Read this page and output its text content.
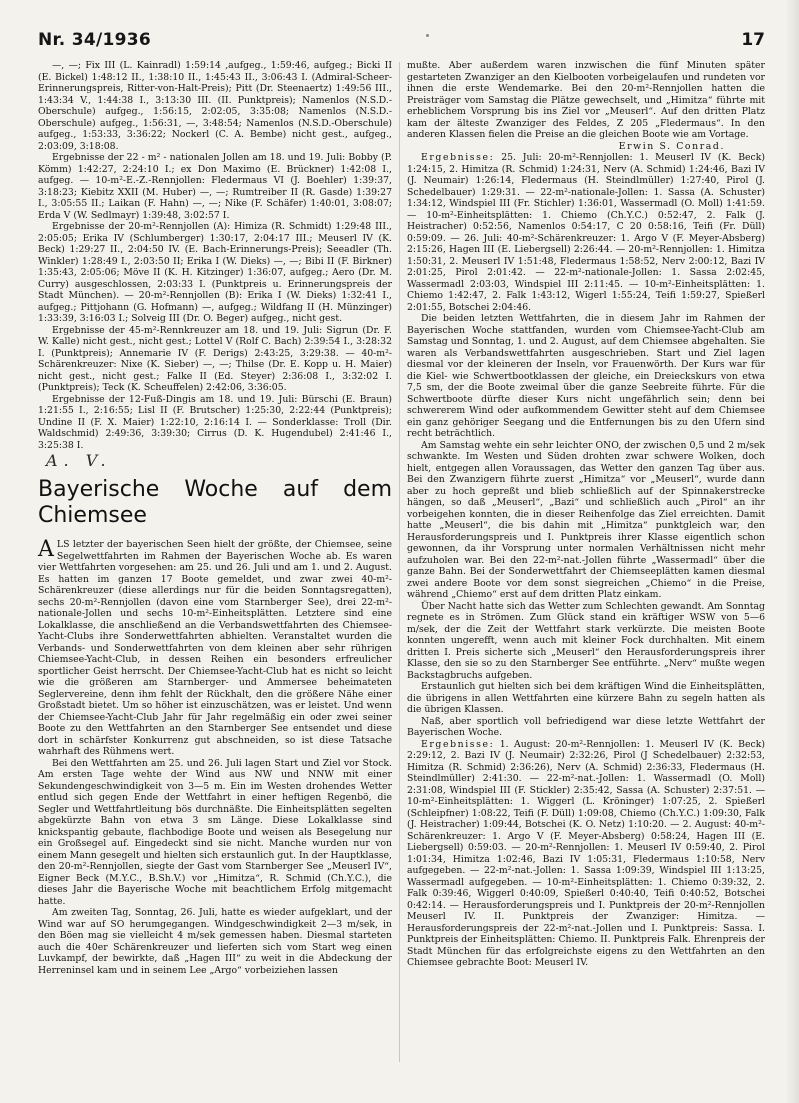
Nr. 34/1936	17

—, —; Fix III (L. Kainradl) 1:59:14 ,aufgeg., 1:59:46, aufgeg.; Bicki II (E. Bickel) 1:48:12 II., 1:38:10 II., 1:45:43 II., 3:06:43 I. (Admiral-Scheer-Erinnerungspreis, Ritter-von-Halt-Preis); Pitt (Dr. Steenaertz) 1:49:56 III., 1:43:34 V., 1:44:38 I., 3:13:30 III. (II. Punktpreis); Namenlos (N.S.D.-Oberschule) aufgeg., 1:56:15, 2:02:05, 3:35:08; Namenlos (N.S.D.-Oberschule) aufgeg., 1:56:31, —, 3:48:54; Namenlos (N.S.D.-Oberschule) aufgeg., 1:53:33, 3:36:22; Nockerl (C. A. Bembe) nicht gest., aufgeg., 2:03:09, 3:18:08.

Ergebnisse der 22 - m² - nationalen Jollen am 18. und 19. Juli: Bobby (P. Kömm) 1:42:27, 2:24:10 I.; ex Don Maximo (E. Brückner) 1:42:08 I., aufgeg. — 10-m²-E.-Z.-Rennjollen: Fledermaus VI (J. Boehler) 1:39:37, 3:18:23; Kiebitz XXII (M. Huber) —, —; Rumtreiber II (R. Gasde) 1:39:27 I., 3:05:55 II.; Laikan (F. Hahn) —, —; Nike (F. Schäfer) 1:40:01, 3:08:07; Erda V (W. Sedlmayr) 1:39:48, 3:02:57 I.

Ergebnisse der 20-m²-Rennjollen (A): Himiza (R. Schmidt) 1:29:48 III., 2:05:05; Erika IV (Schlumberger) 1:30:17, 2:04:17 III.; Meuserl IV (K. Beck) 1:29:27 II., 2:04:50 IV. (E. Bach-Erinnerungs-Preis); Seeadler (Th. Winkler) 1:28:49 I., 2:03:50 II; Erika I (W. Dieks) —, —; Bibi II (F. Birkner) 1:35:43, 2:05:06; Möve II (K. H. Kitzinger) 1:36:07, aufgeg.; Aero (Dr. M. Curry) ausgeschlossen, 2:03:33 I. (Punktpreis u. Erinnerungspreis der Stadt München). — 20-m²-Rennjollen (B): Erika I (W. Dieks) 1:32:41 I., aufgeg.; Pittjohann (G. Hofmann) —, aufgeg.; Wildfang II (H. Münzinger) 1:33:39, 3:16:03 I.; Solveig III (Dr. O. Beger) aufgeg., nicht gest.

Ergebnisse der 45-m²-Rennkreuzer am 18. und 19. Juli: Sigrun (Dr. F. W. Kalle) nicht gest., nicht gest.; Lottel V (Rolf C. Bach) 2:39:54 I., 3:28:32 I. (Punktpreis); Annemarie IV (F. Derigs) 2:43:25, 3:29:38. — 40-m²-Schärenkreuzer: Nixe (K. Sieber) —, —; Thilse (Dr. E. Kopp u. H. Maier) nicht gest., nicht gest.; Falke II (Ed. Steyer) 2:36:08 I., 3:32:02 I. (Punktpreis); Teck (K. Scheuffelen) 2:42:06, 3:36:05.

Ergebnisse der 12-Fuß-Dingis am 18. und 19. Juli: Bürschi (E. Braun) 1:21:55 I., 2:16:55; Lisl II (F. Brutscher) 1:25:30, 2:22:44 (Punktpreis); Undine II (F. X. Maier) 1:22:10, 2:16:14 I. — Sonderklasse: Troll (Dir. Waldschmid) 2:49:36, 3:39:30; Cirrus (D. K. Hugendubel) 2:41:46 I., 3:25:38 I.

A. V.
Bayerische Woche auf dem Chiemsee

ALS letzter der bayerischen Seen hielt der größte, der Chiemsee, seine Segelwettfahrten im Rahmen der Bayerischen Woche ab. Es waren vier Wettfahrten vorgesehen: am 25. und 26. Juli und am 1. und 2. August. Es hatten im ganzen 17 Boote gemeldet, und zwar zwei 40-m²-Schärenkreuzer (diese allerdings nur für die beiden Sonntagsregatten), sechs 20-m²-Rennjollen (davon eine vom Starnberger See), drei 22-m²-nationale-Jollen und sechs 10-m²-Einheitsplätten. Letztere sind eine Lokalklasse, die anschließend an die Verbandswettfahrten des Chiemsee-Yacht-Clubs ihre Sonderwettfahrten abhielten. Veranstaltet wurden die Verbands- und Sonderwettfahrten von dem kleinen aber sehr rührigen Chiemsee-Yacht-Club, in dessen Reihen ein besonders erfreulicher sportlicher Geist herrscht. Der Chiemsee-Yacht-Club hat es nicht so leicht wie die größeren am Starnberger- und Ammersee beheimateten Seglervereine, denn ihm fehlt der Rückhalt, den die größere Nähe einer Großstadt bietet. Um so höher ist einzuschätzen, was er leistet. Und wenn der Chiemsee-Yacht-Club Jahr für Jahr regelmäßig ein oder zwei seiner Boote zu den Wettfahrten an den Starnberger See entsendet und diese dort in schärfster Konkurrenz gut abschneiden, so ist diese Tatsache wahrhaft des Rühmens wert.

Bei den Wettfahrten am 25. und 26. Juli lagen Start und Ziel vor Stock. Am ersten Tage wehte der Wind aus NW und NNW mit einer Sekundengeschwindigkeit von 3—5 m. Ein im Westen drohendes Wetter entlud sich gegen Ende der Wettfahrt in einer heftigen Regenbö, die Segler und Wettfahrtleitung bös durchnäßte. Die Einheitsplätten segelten abgekürzte Bahn von etwa 3 sm Länge. Diese Lokalklasse sind knickspantig gebaute, flachbodige Boote und weisen als Besegelung nur ein Großsegel auf. Eingedeckt sind sie nicht. Manche wurden nur von einem Mann gesegelt und hielten sich erstaunlich gut. In der Hauptklasse, den 20-m²-Rennjollen, siegte der Gast vom Starnberger See „Meuserl IV“, Eigner Beck (M.Y.C., B.Sh.V.) vor „Himitza“, R. Schmid (Ch.Y.C.), die dieses Jahr die Bayerische Woche mit beachtlichem Erfolg mitgemacht hatte.

Am zweiten Tag, Sonntag, 26. Juli, hatte es wieder aufgeklart, und der Wind war auf SO herumgegangen. Windgeschwindigkeit 2—3 m/sek, in den Böen mag sie vielleicht 4 m/sek gemessen haben. Diesmal starteten auch die 40er Schärenkreuzer und lieferten sich vom Start weg einen Luvkampf, der bewirkte, daß „Hagen III“ zu weit in die Abdeckung der Herreninsel kam und in seinem Lee „Argo“ vorbeiziehen lassen

mußte. Aber außerdem waren inzwischen die fünf Minuten später gestarteten Zwanziger an den Kielbooten vorbeigelaufen und rundeten vor ihnen die erste Wendemarke. Bei den 20-m²-Rennjollen hatten die Preisträger vom Samstag die Plätze gewechselt, und „Himitza“ führte mit erheblichem Vorsprung bis ins Ziel vor „Meuserl“. Auf den dritten Platz kam der älteste Zwanziger des Feldes, Z 205 „Fledermaus“. In den anderen Klassen fielen die Preise an die gleichen Boote wie am Vortage.

Erwin S. Conrad.

Ergebnisse: 25. Juli: 20-m²-Rennjollen: 1. Meuserl IV (K. Beck) 1:24:15, 2. Himitza (R. Schmid) 1:24:31, Nerv (A. Schmid) 1:24:46, Bazi IV (J. Neumair) 1:26:14, Fledermaus (H. Steindlmüller) 1:27:40, Pirol (J. Schedelbauer) 1:29:31. — 22-m²-nationale-Jollen: 1. Sassa (A. Schuster) 1:34:12, Windspiel III (Fr. Stichler) 1:36:01, Wassermadl (O. Moll) 1:41:59. — 10-m²-Einheitsplätten: 1. Chiemo (Ch.Y.C.) 0:52:47, 2. Falk (J. Heistracher) 0:52:56, Namenlos 0:54:17, C 20 0:58:16, Teifi (Fr. Düll) 0:59:09. — 26. Juli: 40-m²-Schärenkreuzer: 1. Argo V (F. Meyer-Absberg) 2:15:26, Hagen III (E. Liebergsell) 2:26:44. — 20-m²-Rennjollen: 1. Himitza 1:50:31, 2. Meuserl IV 1:51:48, Fledermaus 1:58:52, Nerv 2:00:12, Bazi IV 2:01:25, Pirol 2:01:42. — 22-m²-nationale-Jollen: 1. Sassa 2:02:45, Wassermadl 2:03:03, Windspiel III 2:11:45. — 10-m²-Einheitsplätten: 1. Chiemo 1:42:47, 2. Falk 1:43:12, Wigerl 1:55:24, Teifi 1:59:27, Spießerl 2:01:55, Botschei 2:04:46.

Die beiden letzten Wettfahrten, die in diesem Jahr im Rahmen der Bayerischen Woche stattfanden, wurden vom Chiemsee-Yacht-Club am Samstag und Sonntag, 1. und 2. August, auf dem Chiemsee abgehalten. Sie waren als Verbandswettfahrten ausgeschrieben. Start und Ziel lagen diesmal vor der kleineren der Inseln, vor Frauenwörth. Der Kurs war für die Kiel- wie Schwertbootklassen der gleiche, ein Dreieckskurs von etwa 7,5 sm, der die Boote zweimal über die ganze Seebreite führte. Für die Schwertboote dürfte dieser Kurs nicht ungefährlich sein; denn bei schwererem Wind oder aufkommendem Gewitter steht auf dem Chiemsee ein ganz gehöriger Seegang und die Entfernungen bis zu den Ufern sind recht beträchtlich.

Am Samstag wehte ein sehr leichter ONO, der zwischen 0,5 und 2 m/sek schwankte. Im Westen und Süden drohten zwar schwere Wolken, doch hielt, entgegen allen Voraussagen, das Wetter den ganzen Tag über aus. Bei den Zwanzigern führte zuerst „Himitza“ vor „Meuserl“, wurde dann aber zu hoch gepreßt und blieb schließlich auf der Spinnakerstrecke hängen, so daß „Meuserl“, „Bazi“ und schließlich auch „Pirol“ an ihr vorbeigehen konnten, die in dieser Reihenfolge das Ziel erreichten. Damit hatte „Meuserl“, die bis dahin mit „Himitza“ punktgleich war, den Herausforderungspreis und I. Punktpreis ihrer Klasse eigentlich schon gewonnen, da ihr Vorsprung unter normalen Verhältnissen nicht mehr aufzuholen war. Bei den 22-m²-nat.-Jollen führte „Wassermadl“ über die ganze Bahn. Bei der Sonderwettfahrt der Chiemseeplätten kamen diesmal zwei andere Boote vor dem sonst siegreichen „Chiemo“ in die Preise, während „Chiemo“ erst auf dem dritten Platz einkam.

Über Nacht hatte sich das Wetter zum Schlechten gewandt. Am Sonntag regnete es in Strömen. Zum Glück stand ein kräftiger WSW von 5—6 m/sek, der die Zeit der Wettfahrt stark verkürzte. Die meisten Boote konnten ungerefft, wenn auch mit kleiner Fock durchhalten. Mit einem dritten I. Preis sicherte sich „Meuserl“ den Herausforderungspreis ihrer Klasse, den sie so zu den Starnberger See entführte. „Nerv“ mußte wegen Backstagbruchs aufgeben.

Erstaunlich gut hielten sich bei dem kräftigen Wind die Einheitsplätten, die übrigens in allen Wettfahrten eine kürzere Bahn zu segeln hatten als die übrigen Klassen.

Naß, aber sportlich voll befriedigend war diese letzte Wettfahrt der Bayerischen Woche.

Ergebnisse: 1. August: 20-m²-Rennjollen: 1. Meuserl IV (K. Beck) 2:29:12, 2. Bazi IV (J. Neumair) 2:32:26, Pirol (J Schedelbauer) 2:32:53, Himitza (R. Schmid) 2:36:26), Nerv (A. Schmid) 2:36:33, Fledermaus (H. Steindlmüller) 2:41:30. — 22-m²-nat.-Jollen: 1. Wassermadl (O. Moll) 2:31:08, Windspiel III (F. Stickler) 2:35:42, Sassa (A. Schuster) 2:37:51. — 10-m²-Einheitsplätten: 1. Wiggerl (L. Kröninger) 1:07:25, 2. Spießerl (Schleipfner) 1:08:22, Teifi (F. Düll) 1:09:08, Chiemo (Ch.Y.C.) 1:09:30, Falk (J. Heistracher) 1:09:44, Botschei (K. O. Netz) 1:10:20. — 2. August: 40-m²-Schärenkreuzer: 1. Argo V (F. Meyer-Absberg) 0:58:24, Hagen III (E. Liebergsell) 0:59:03. — 20-m²-Rennjollen: 1. Meuserl IV 0:59:40, 2. Pirol 1:01:34, Himitza 1:02:46, Bazi IV 1:05:31, Fledermaus 1:10:58, Nerv aufgegeben. — 22-m²-nat.-Jollen: 1. Sassa 1:09:39, Windspiel III 1:13:25, Wassermadl aufgegeben. — 10-m²-Einheitsplätten: 1. Chiemo 0:39:32, 2. Falk 0:39:46, Wiggerl 0:40:09, Spießerl 0:40:40, Teifi 0:40:52, Botschei 0:42:14. — Herausforderungspreis und I. Punktpreis der 20-m²-Rennjollen Meuserl IV. II. Punktpreis der Zwanziger: Himitza. — Herausforderungspreis der 22-m²-nat.-Jollen und I. Punktpreis: Sassa. I. Punktpreis der Einheitsplätten: Chiemo. II. Punktpreis Falk. Ehrenpreis der Stadt München für das erfolgreichste eigens zu den Wettfahrten an den Chiemsee gebrachte Boot: Meuserl IV.
